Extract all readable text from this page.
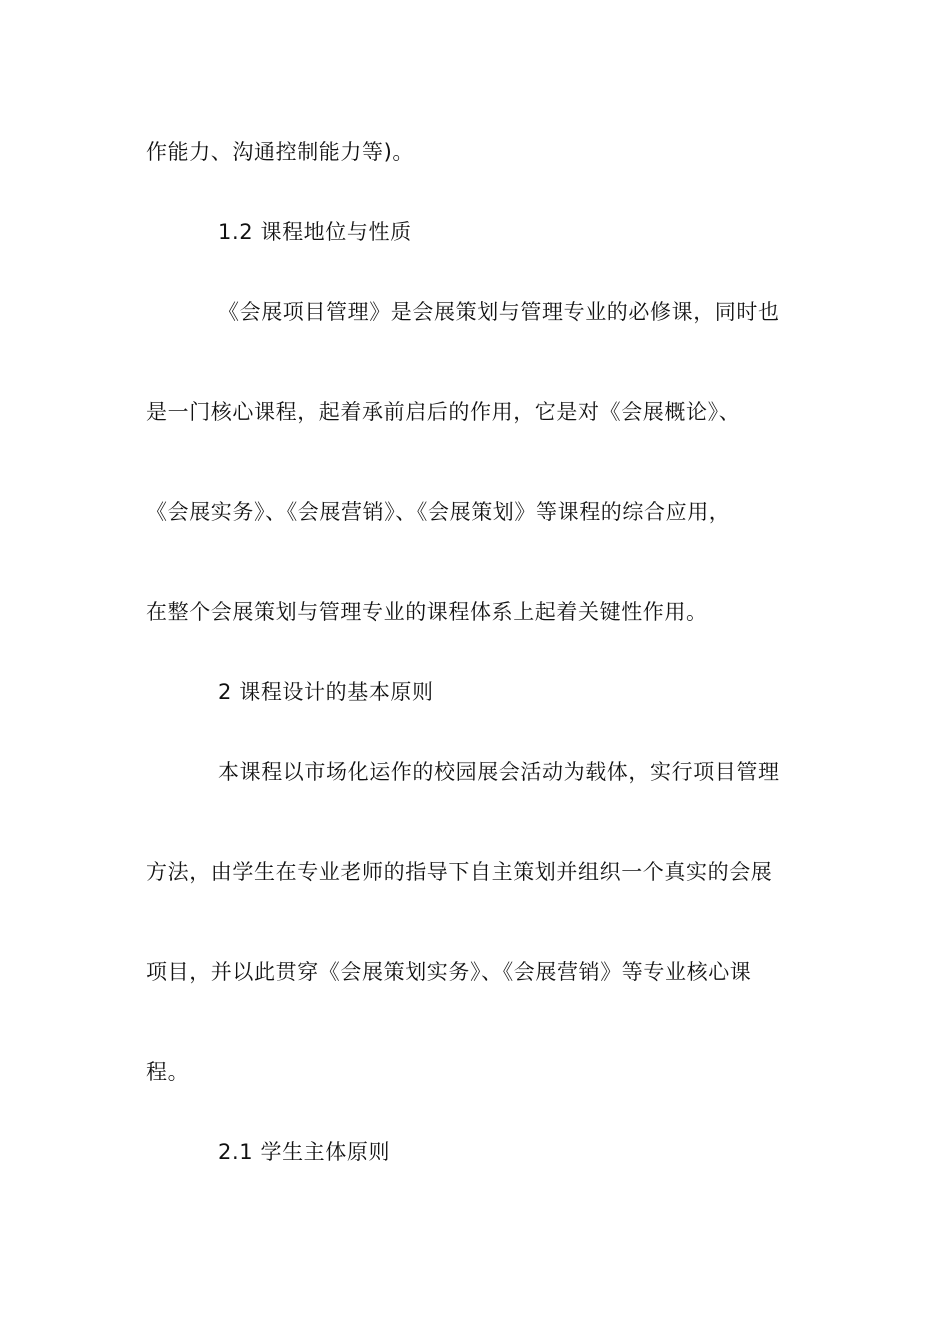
作能力、沟通控制能力等)。
1.2 课程地位与性质
《会展项目管理》是会展策划与管理专业的必修课，同时也
是一门核心课程，起着承前启后的作用，它是对《会展概论》、
《会展实务》、《会展营销》、《会展策划》等课程的综合应用，
在整个会展策划与管理专业的课程体系上起着关键性作用。
2 课程设计的基本原则
本课程以市场化运作的校园展会活动为载体，实行项目管理
方法，由学生在专业老师的指导下自主策划并组织一个真实的会展
项目，并以此贯穿《会展策划实务》、《会展营销》等专业核心课
程。
2.1 学生主体原则
